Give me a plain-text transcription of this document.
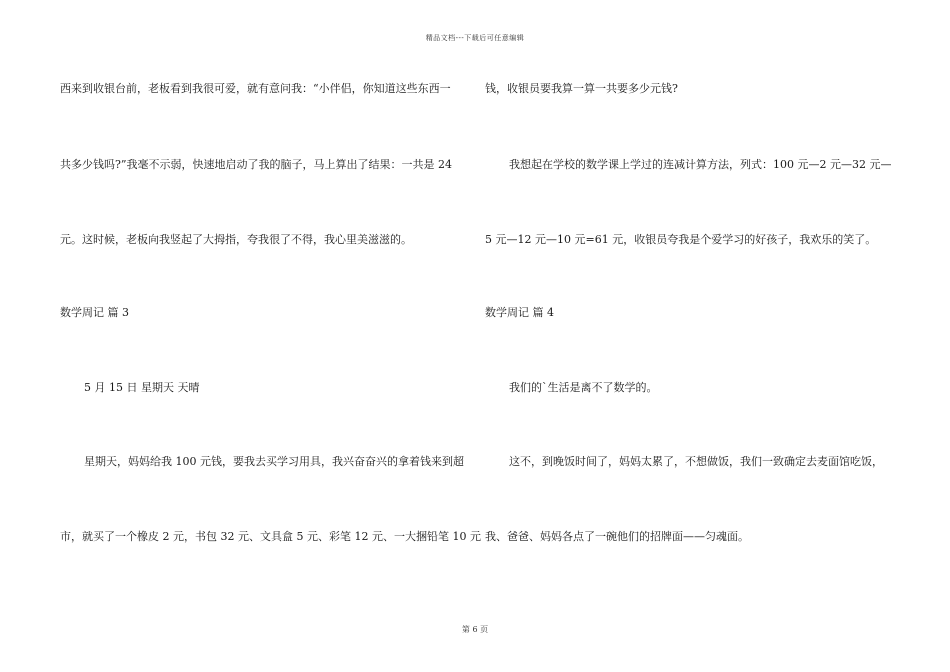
精品文档---下载后可任意编辑
西来到收银台前，老板看到我很可爱，就有意问我：“小伴侣，你知道这些东西一
共多少钱吗?”我毫不示弱，快速地启动了我的脑子，马上算出了结果：一共是 24
元。这时候，老板向我竖起了大拇指，夸我很了不得，我心里美滋滋的。
数学周记 篇 3
5 月 15 日 星期天 天晴
星期天，妈妈给我 100 元钱，要我去买学习用具，我兴奋奋兴的拿着钱来到超
市，就买了一个橡皮 2 元，书包 32 元、文具盒 5 元、彩笔 12 元、一大捆铅笔 10 元
钱，收银员要我算一算一共要多少元钱?
我想起在学校的数学课上学过的连减计算方法，列式：100 元—2 元—32 元—
5 元—12 元—10 元=61 元，收银员夸我是个爱学习的好孩子，我欢乐的笑了。
数学周记 篇 4
我们的`生活是离不了数学的。
这不，到晚饭时间了，妈妈太累了，不想做饭，我们一致确定去麦面馆吃饭，
我、爸爸、妈妈各点了一碗他们的招牌面——匀魂面。
第 6 页
